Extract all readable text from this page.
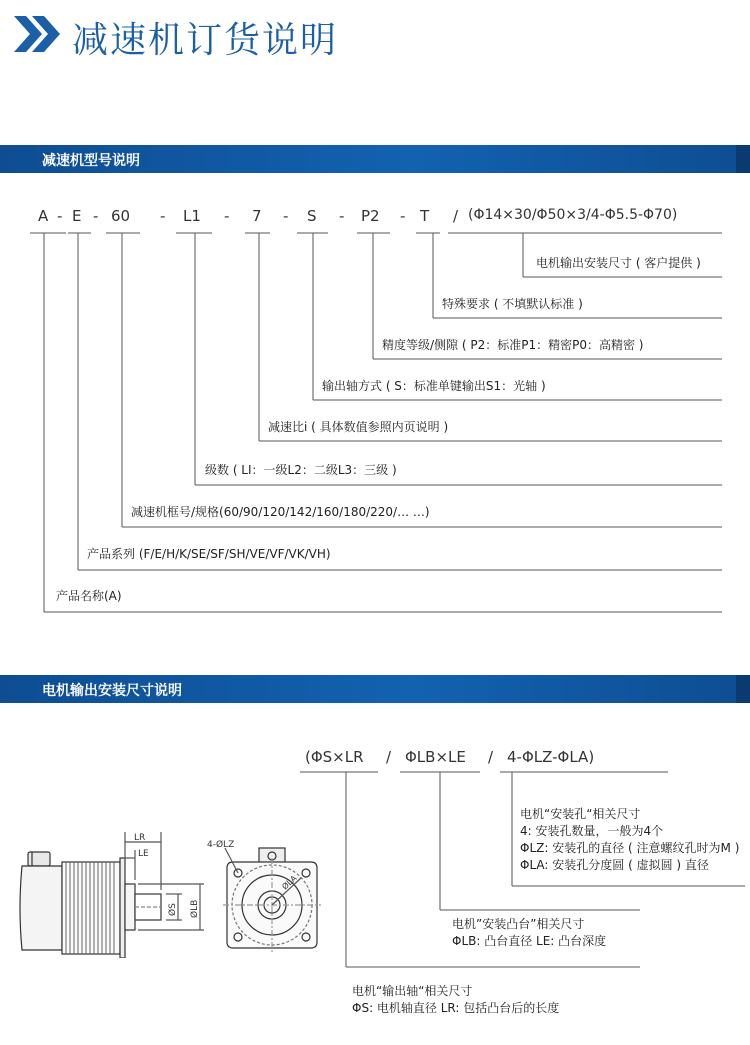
减速机订货说明
减速机型号说明
A - E - 60 - L1 - 7 - S - P2 - T / (Φ14×30/Φ50×3/4-Φ5.5-Φ70)
电机输出安装尺寸 ( 客户提供 )
特殊要求 ( 不填默认标准 )
精度等级/侧隙 ( P2：标准P1：精密P0：高精密 )
输出轴方式 ( S：标准单键输出S1：光轴 )
减速比i ( 具体数值参照内页说明 )
级数 ( LI：一级L2：二级L3：三级 )
减速机框号/规格(60/90/120/142/160/180/220/… …)
产品系列 (F/E/H/K/SE/SF/SH/VE/VF/VK/VH)
产品名称(A)
电机输出安装尺寸说明
(ΦS×LR / ΦLB×LE / 4-ΦLZ-ΦLA)
电机“安装孔“相关尺寸
4: 安装孔数量，一般为4个
ΦLZ: 安装孔的直径 ( 注意螺纹孔时为M )
ΦLA: 安装孔分度圆 ( 虚拟圆 ) 直径
电机”安装凸台”相关尺寸
ΦLB: 凸台直径 LE: 凸台深度
电机“输出轴“相关尺寸
ΦS: 电机轴直径 LR: 包括凸台后的长度
LR
LE
ØS ØLB
4-ØLZ
ØLA
